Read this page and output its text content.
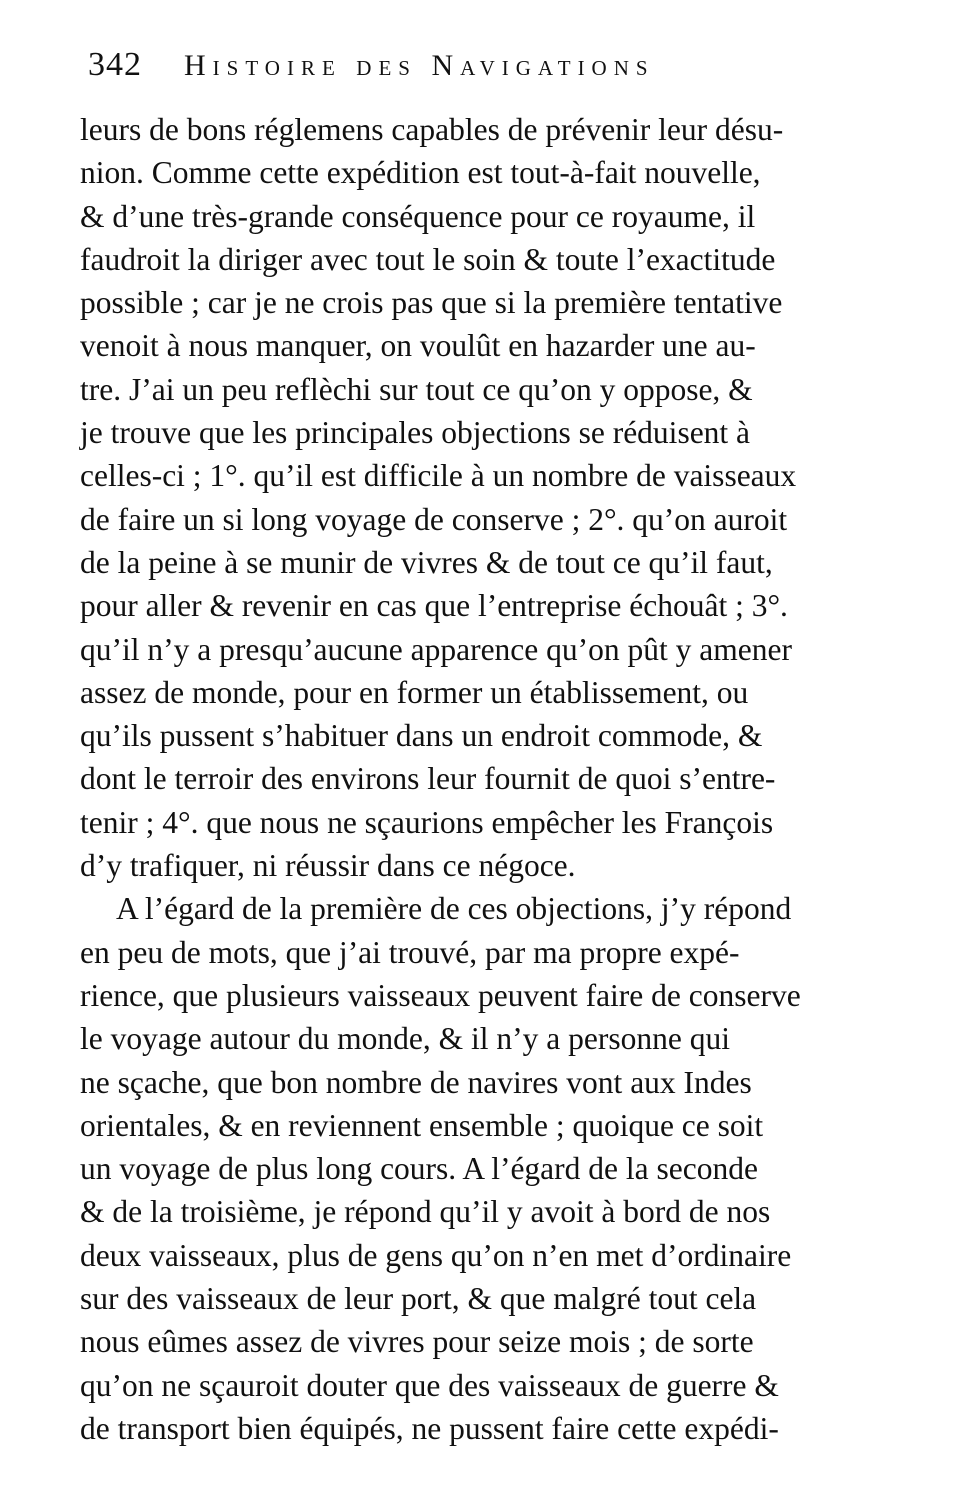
342 Histoire des Navigations
leurs de bons réglemens capables de prévenir leur désu-
nion. Comme cette expédition est tout-à-fait nouvelle,
& d’une très-grande conséquence pour ce royaume, il
faudroit la diriger avec tout le soin & toute l’exactitude
possible ; car je ne crois pas que si la première tentative
venoit à nous manquer, on voulût en hazarder une au-
tre. J’ai un peu reflèchi sur tout ce qu’on y oppose, &
je trouve que les principales objections se réduisent à
celles-ci ; 1°. qu’il est difficile à un nombre de vaisseaux
de faire un si long voyage de conserve ; 2°. qu’on auroit
de la peine à se munir de vivres & de tout ce qu’il faut,
pour aller & revenir en cas que l’entreprise échouât ; 3°.
qu’il n’y a presqu’aucune apparence qu’on pût y amener
assez de monde, pour en former un établissement, ou
qu’ils pussent s’habituer dans un endroit commode, &
dont le terroir des environs leur fournit de quoi s’entre-
tenir ; 4°. que nous ne sçaurions empêcher les François
d’y trafiquer, ni réussir dans ce négoce.
A l’égard de la première de ces objections, j’y répond
en peu de mots, que j’ai trouvé, par ma propre expé-
rience, que plusieurs vaisseaux peuvent faire de conserve
le voyage autour du monde, & il n’y a personne qui
ne sçache, que bon nombre de navires vont aux Indes
orientales, & en reviennent ensemble ; quoique ce soit
un voyage de plus long cours. A l’égard de la seconde
& de la troisième, je répond qu’il y avoit à bord de nos
deux vaisseaux, plus de gens qu’on n’en met d’ordinaire
sur des vaisseaux de leur port, & que malgré tout cela
nous eûmes assez de vivres pour seize mois ; de sorte
qu’on ne sçauroit douter que des vaisseaux de guerre &
de transport bien équipés, ne pussent faire cette expédi-
